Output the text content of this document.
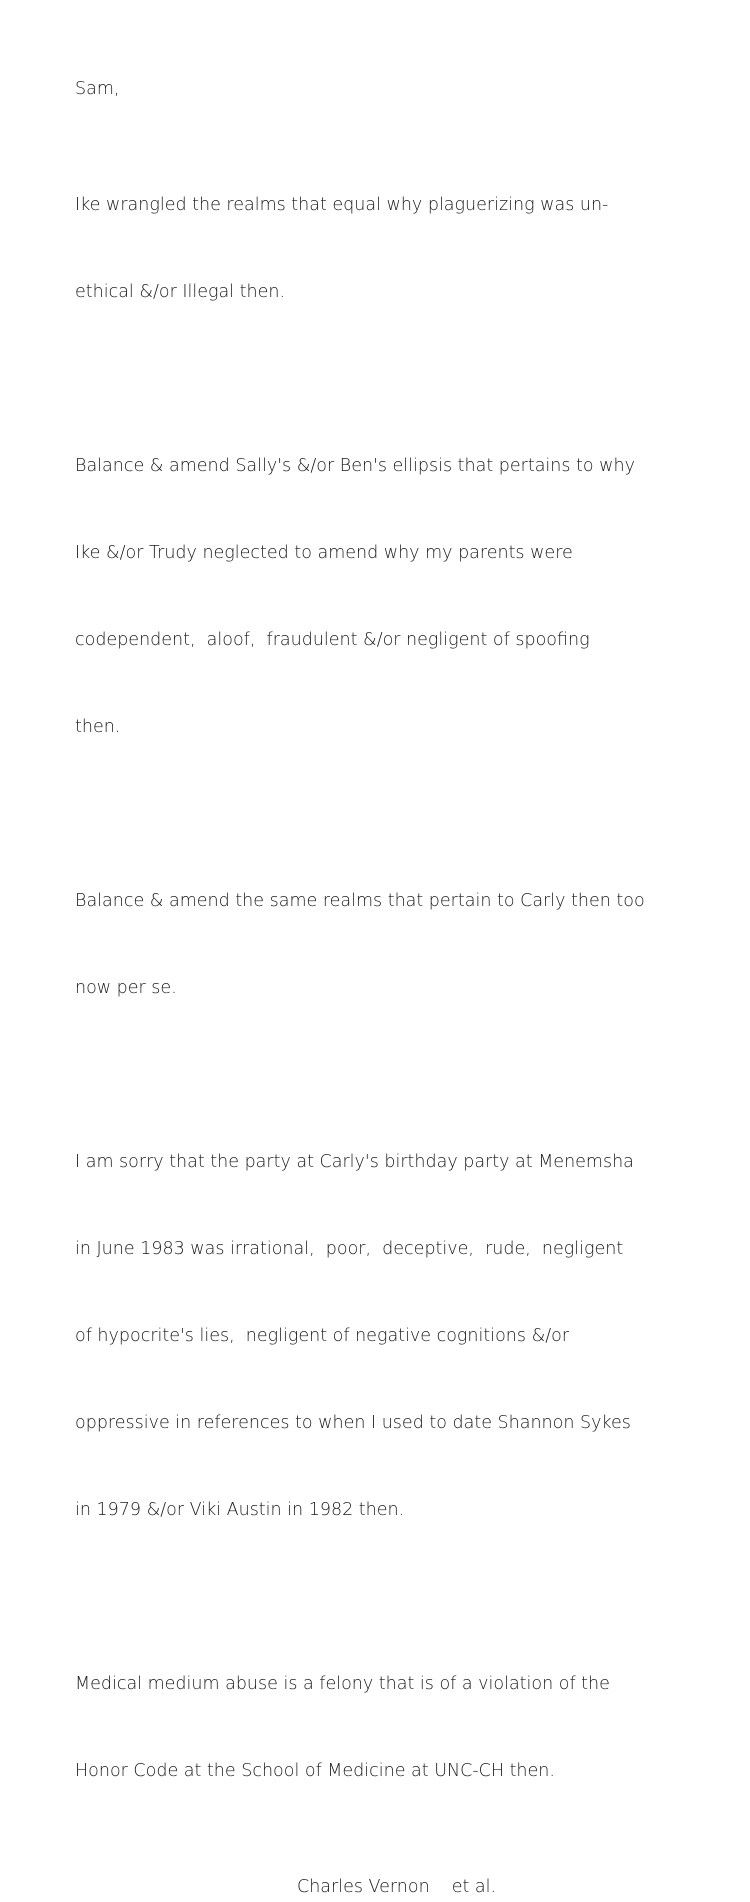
Sam,

Ike wrangled the realms that equal why plaguerizing was un-

ethical &/or Illegal then.

Balance & amend Sally's &/or Ben's ellipsis that pertains to why

Ike &/or Trudy neglected to amend why my parents were

codependent,  aloof,  fraudulent &/or negligent of spoofing

then.

Balance & amend the same realms that pertain to Carly then too

now per se.

I am sorry that the party at Carly's birthday party at Menemsha

in June 1983 was irrational,  poor,  deceptive,  rude,  negligent

of hypocrite's lies,  negligent of negative cognitions &/or

oppressive in references to when I used to date Shannon Sykes

in 1979 &/or Viki Austin in 1982 then.

Medical medium abuse is a felony that is of a violation of the

Honor Code at the School of Medicine at UNC-CH then.

Charles Vernon et al.
